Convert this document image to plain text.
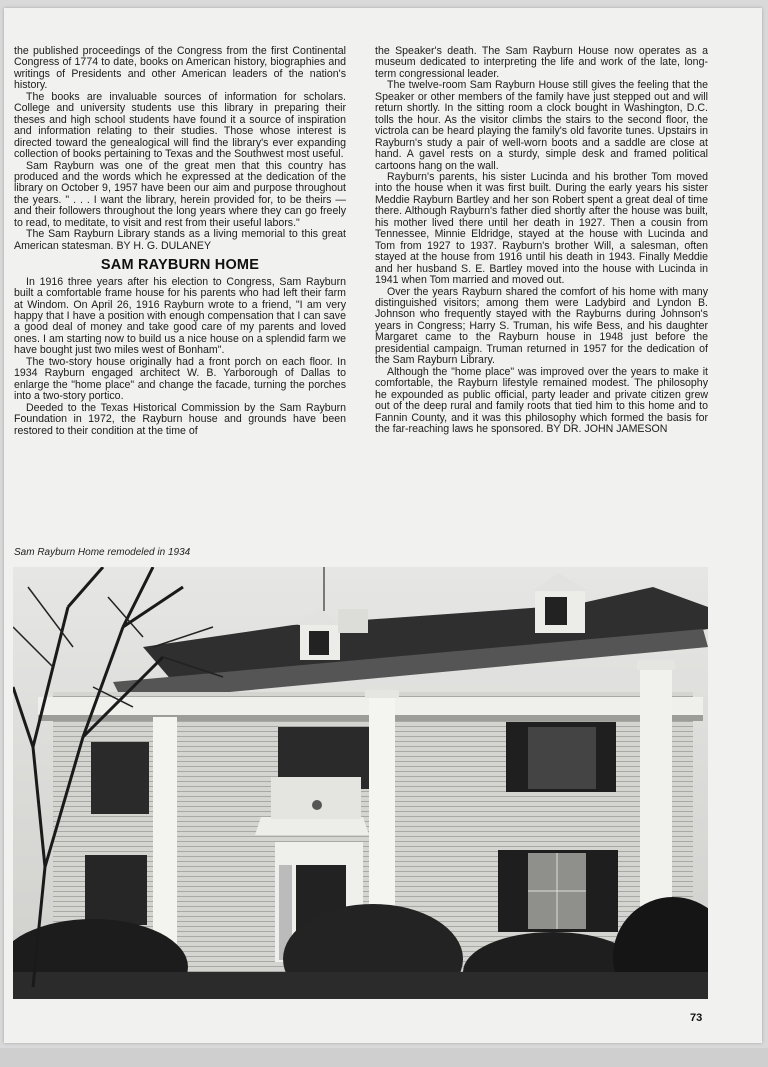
the published proceedings of the Congress from the first Continental Congress of 1774 to date, books on American history, biographies and writings of Presidents and other American leaders of the nation's history.

The books are invaluable sources of information for scholars. College and university students use this library in preparing their theses and high school students have found it a source of inspiration and information relating to their studies. Those whose interest is directed toward the genealogical will find the library's ever expanding collection of books pertaining to Texas and the Southwest most useful.

Sam Rayburn was one of the great men that this country has produced and the words which he expressed at the dedication of the library on October 9, 1957 have been our aim and purpose throughout the years. " . . . I want the library, herein provided for, to be theirs — and their followers throughout the long years where they can go freely to read, to meditate, to visit and rest from their useful labors."

The Sam Rayburn Library stands as a living memorial to this great American statesman. BY H. G. DULANEY

SAM RAYBURN HOME

In 1916 three years after his election to Congress, Sam Rayburn built a comfortable frame house for his parents who had left their farm at Windom. On April 26, 1916 Rayburn wrote to a friend, "I am very happy that I have a position with enough compensation that I can save a good deal of money and take good care of my parents and loved ones. I am starting now to build us a nice house on a splendid farm we have bought just two miles west of Bonham".

The two-story house originally had a front porch on each floor. In 1934 Rayburn engaged architect W. B. Yarborough of Dallas to enlarge the "home place" and change the facade, turning the porches into a two-story portico.

Deeded to the Texas Historical Commission by the Sam Rayburn Foundation in 1972, the Rayburn house and grounds have been restored to their condition at the time of

the Speaker's death. The Sam Rayburn House now operates as a museum dedicated to interpreting the life and work of the late, long-term congressional leader.

The twelve-room Sam Rayburn House still gives the feeling that the Speaker or other members of the family have just stepped out and will return shortly. In the sitting room a clock bought in Washington, D.C. tolls the hour. As the visitor climbs the stairs to the second floor, the victrola can be heard playing the family's old favorite tunes. Upstairs in Rayburn's study a pair of well-worn boots and a saddle are close at hand. A gavel rests on a sturdy, simple desk and framed political cartoons hang on the wall.

Rayburn's parents, his sister Lucinda and his brother Tom moved into the house when it was first built. During the early years his sister Meddie Rayburn Bartley and her son Robert spent a great deal of time there. Although Rayburn's father died shortly after the house was built, his mother lived there until her death in 1927. Then a cousin from Tennessee, Minnie Eldridge, stayed at the house with Lucinda and Tom from 1927 to 1937. Rayburn's brother Will, a salesman, often stayed at the house from 1916 until his death in 1943. Finally Meddie and her husband S. E. Bartley moved into the house with Lucinda in 1941 when Tom married and moved out.

Over the years Rayburn shared the comfort of his home with many distinguished visitors; among them were Ladybird and Lyndon B. Johnson who frequently stayed with the Rayburns during Johnson's years in Congress; Harry S. Truman, his wife Bess, and his daughter Margaret came to the Rayburn house in 1948 just before the presidential campaign. Truman returned in 1957 for the dedication of the Sam Rayburn Library.

Although the "home place" was improved over the years to make it comfortable, the Rayburn lifestyle remained modest. The philosophy he expounded as public official, party leader and private citizen grew out of the deep rural and family roots that tied him to this home and to Fannin County, and it was this philosophy which formed the basis for the far-reaching laws he sponsored. BY DR. JOHN JAMESON

Sam Rayburn Home remodeled in 1934
73
